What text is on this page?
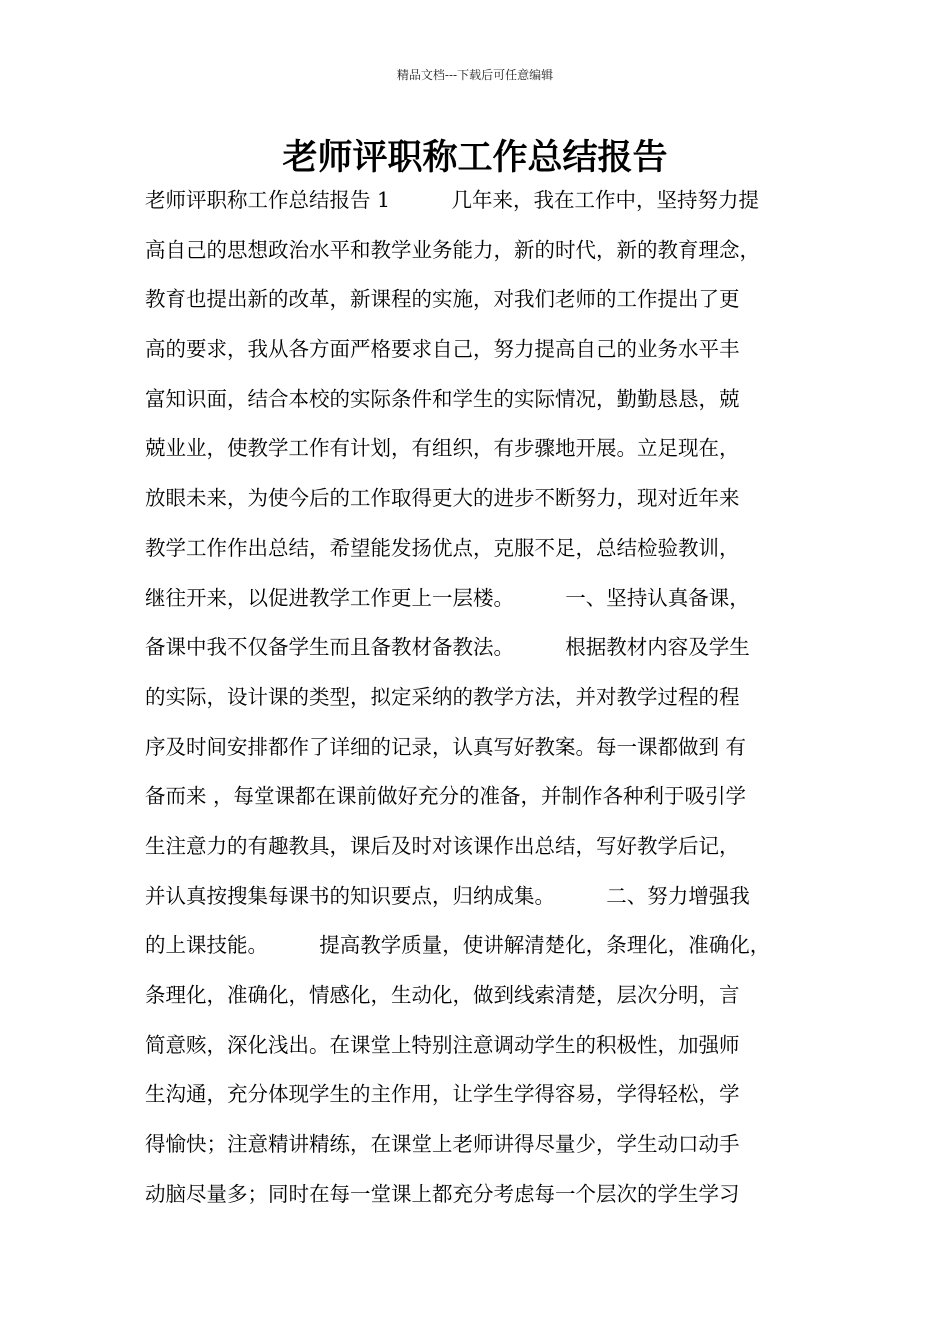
精品文档---下载后可任意编辑
老师评职称工作总结报告
老师评职称工作总结报告 1　　　几年来，我在工作中，坚持努力提
高自己的思想政治水平和教学业务能力，新的时代，新的教育理念，
教育也提出新的改革，新课程的实施，对我们老师的工作提出了更
高的要求，我从各方面严格要求自己，努力提高自己的业务水平丰
富知识面，结合本校的实际条件和学生的实际情况，勤勤恳恳，兢
兢业业，使教学工作有计划，有组织，有步骤地开展。立足现在，
放眼未来，为使今后的工作取得更大的进步不断努力，现对近年来
教学工作作出总结，希望能发扬优点，克服不足，总结检验教训，
继往开来，以促进教学工作更上一层楼。　　　一、坚持认真备课，
备课中我不仅备学生而且备教材备教法。　　　根据教材内容及学生
的实际，设计课的类型，拟定采纳的教学方法，并对教学过程的程
序及时间安排都作了详细的记录，认真写好教案。每一课都做到 有
备而来 ，每堂课都在课前做好充分的准备，并制作各种利于吸引学
生注意力的有趣教具，课后及时对该课作出总结，写好教学后记，
并认真按搜集每课书的知识要点，归纳成集。　　　二、努力增强我
的上课技能。　　　提高教学质量，使讲解清楚化，条理化，准确化，
条理化，准确化，情感化，生动化，做到线索清楚，层次分明，言
简意赅，深化浅出。在课堂上特别注意调动学生的积极性，加强师
生沟通，充分体现学生的主作用，让学生学得容易，学得轻松，学
得愉快；注意精讲精练，在课堂上老师讲得尽量少，学生动口动手
动脑尽量多；同时在每一堂课上都充分考虑每一个层次的学生学习
